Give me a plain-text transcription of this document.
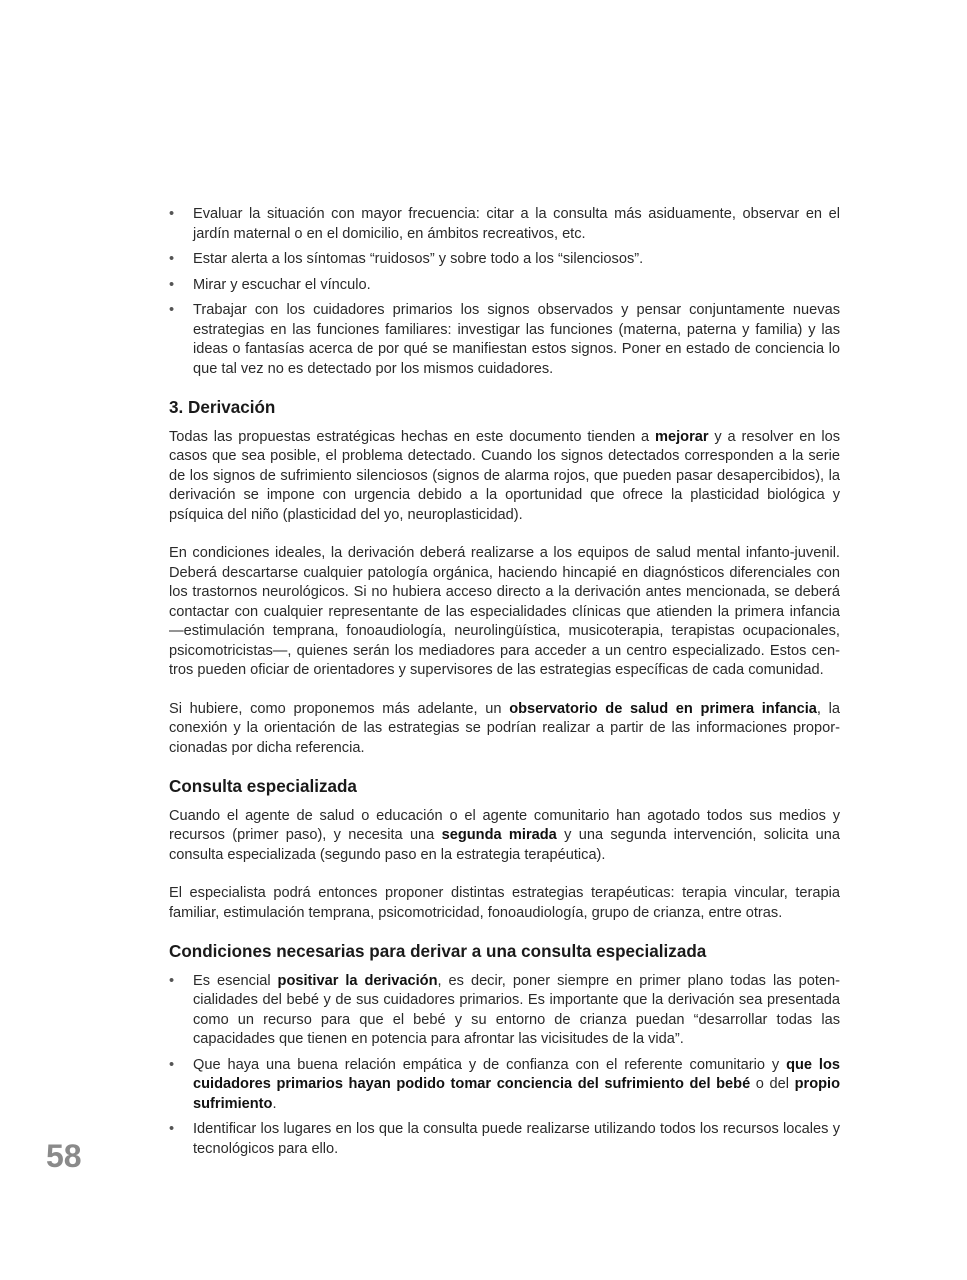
• Evaluar la situación con mayor frecuencia: citar a la consulta más asiduamente, observar en el jardín maternal o en el domicilio, en ámbitos recreativos, etc.
• Estar alerta a los síntomas “ruidosos” y sobre todo a los “silenciosos”.
• Mirar y escuchar el vínculo.
• Trabajar con los cuidadores primarios los signos observados y pensar conjuntamente nuevas estrategias en las funciones familiares: investigar las funciones (materna, paterna y familia) y las ideas o fantasías acerca de por qué se manifiestan estos signos. Poner en estado de conciencia lo que tal vez no es detectado por los mismos cuidadores.
3. Derivación

Todas las propuestas estratégicas hechas en este documento tienden a mejorar y a resolver en los casos que sea posible, el problema detectado. Cuando los signos detectados corresponden a la serie de los signos de sufrimiento silenciosos (signos de alarma rojos, que pueden pasar desapercibidos), la derivación se impone con urgencia debido a la oportunidad que ofrece la plasticidad biológica y psíquica del niño (plasticidad del yo, neuroplasticidad).

En condiciones ideales, la derivación deberá realizarse a los equipos de salud mental infanto-juvenil. Deberá descartarse cualquier patología orgánica, haciendo hincapié en diagnósticos diferenciales con los trastornos neurológicos. Si no hubiera acceso directo a la derivación antes mencionada, se deberá contactar con cualquier representante de las especialidades clínicas que atienden la primera infancia —estimulación temprana, fonoaudiología, neurolingüística, musicoterapia, terapistas ocupacionales, psicomotricistas—, quienes serán los mediadores para acceder a un centro especializado. Estos centros pueden oficiar de orientadores y supervisores de las estrategias específicas de cada comunidad.

Si hubiere, como proponemos más adelante, un observatorio de salud en primera infancia, la conexión y la orientación de las estrategias se podrían realizar a partir de las informaciones proporcionadas por dicha referencia.

Consulta especializada

Cuando el agente de salud o educación o el agente comunitario han agotado todos sus medios y recursos (primer paso), y necesita una segunda mirada y una segunda intervención, solicita una consulta especializada (segundo paso en la estrategia terapéutica).

El especialista podrá entonces proponer distintas estrategias terapéuticas: terapia vincular, terapia familiar, estimulación temprana, psicomotricidad, fonoaudiología, grupo de crianza, entre otras.

Condiciones necesarias para derivar a una consulta especializada
• Es esencial positivar la derivación, es decir, poner siempre en primer plano todas las potencialidades del bebé y de sus cuidadores primarios. Es importante que la derivación sea presentada como un recurso para que el bebé y su entorno de crianza puedan “desarrollar todas las capacidades que tienen en potencia para afrontar las vicisitudes de la vida”.
• Que haya una buena relación empática y de confianza con el referente comunitario y que los cuidadores primarios hayan podido tomar conciencia del sufrimiento del bebé o del propio sufrimiento.
• Identificar los lugares en los que la consulta puede realizarse utilizando todos los recursos locales y tecnológicos para ello.
58
